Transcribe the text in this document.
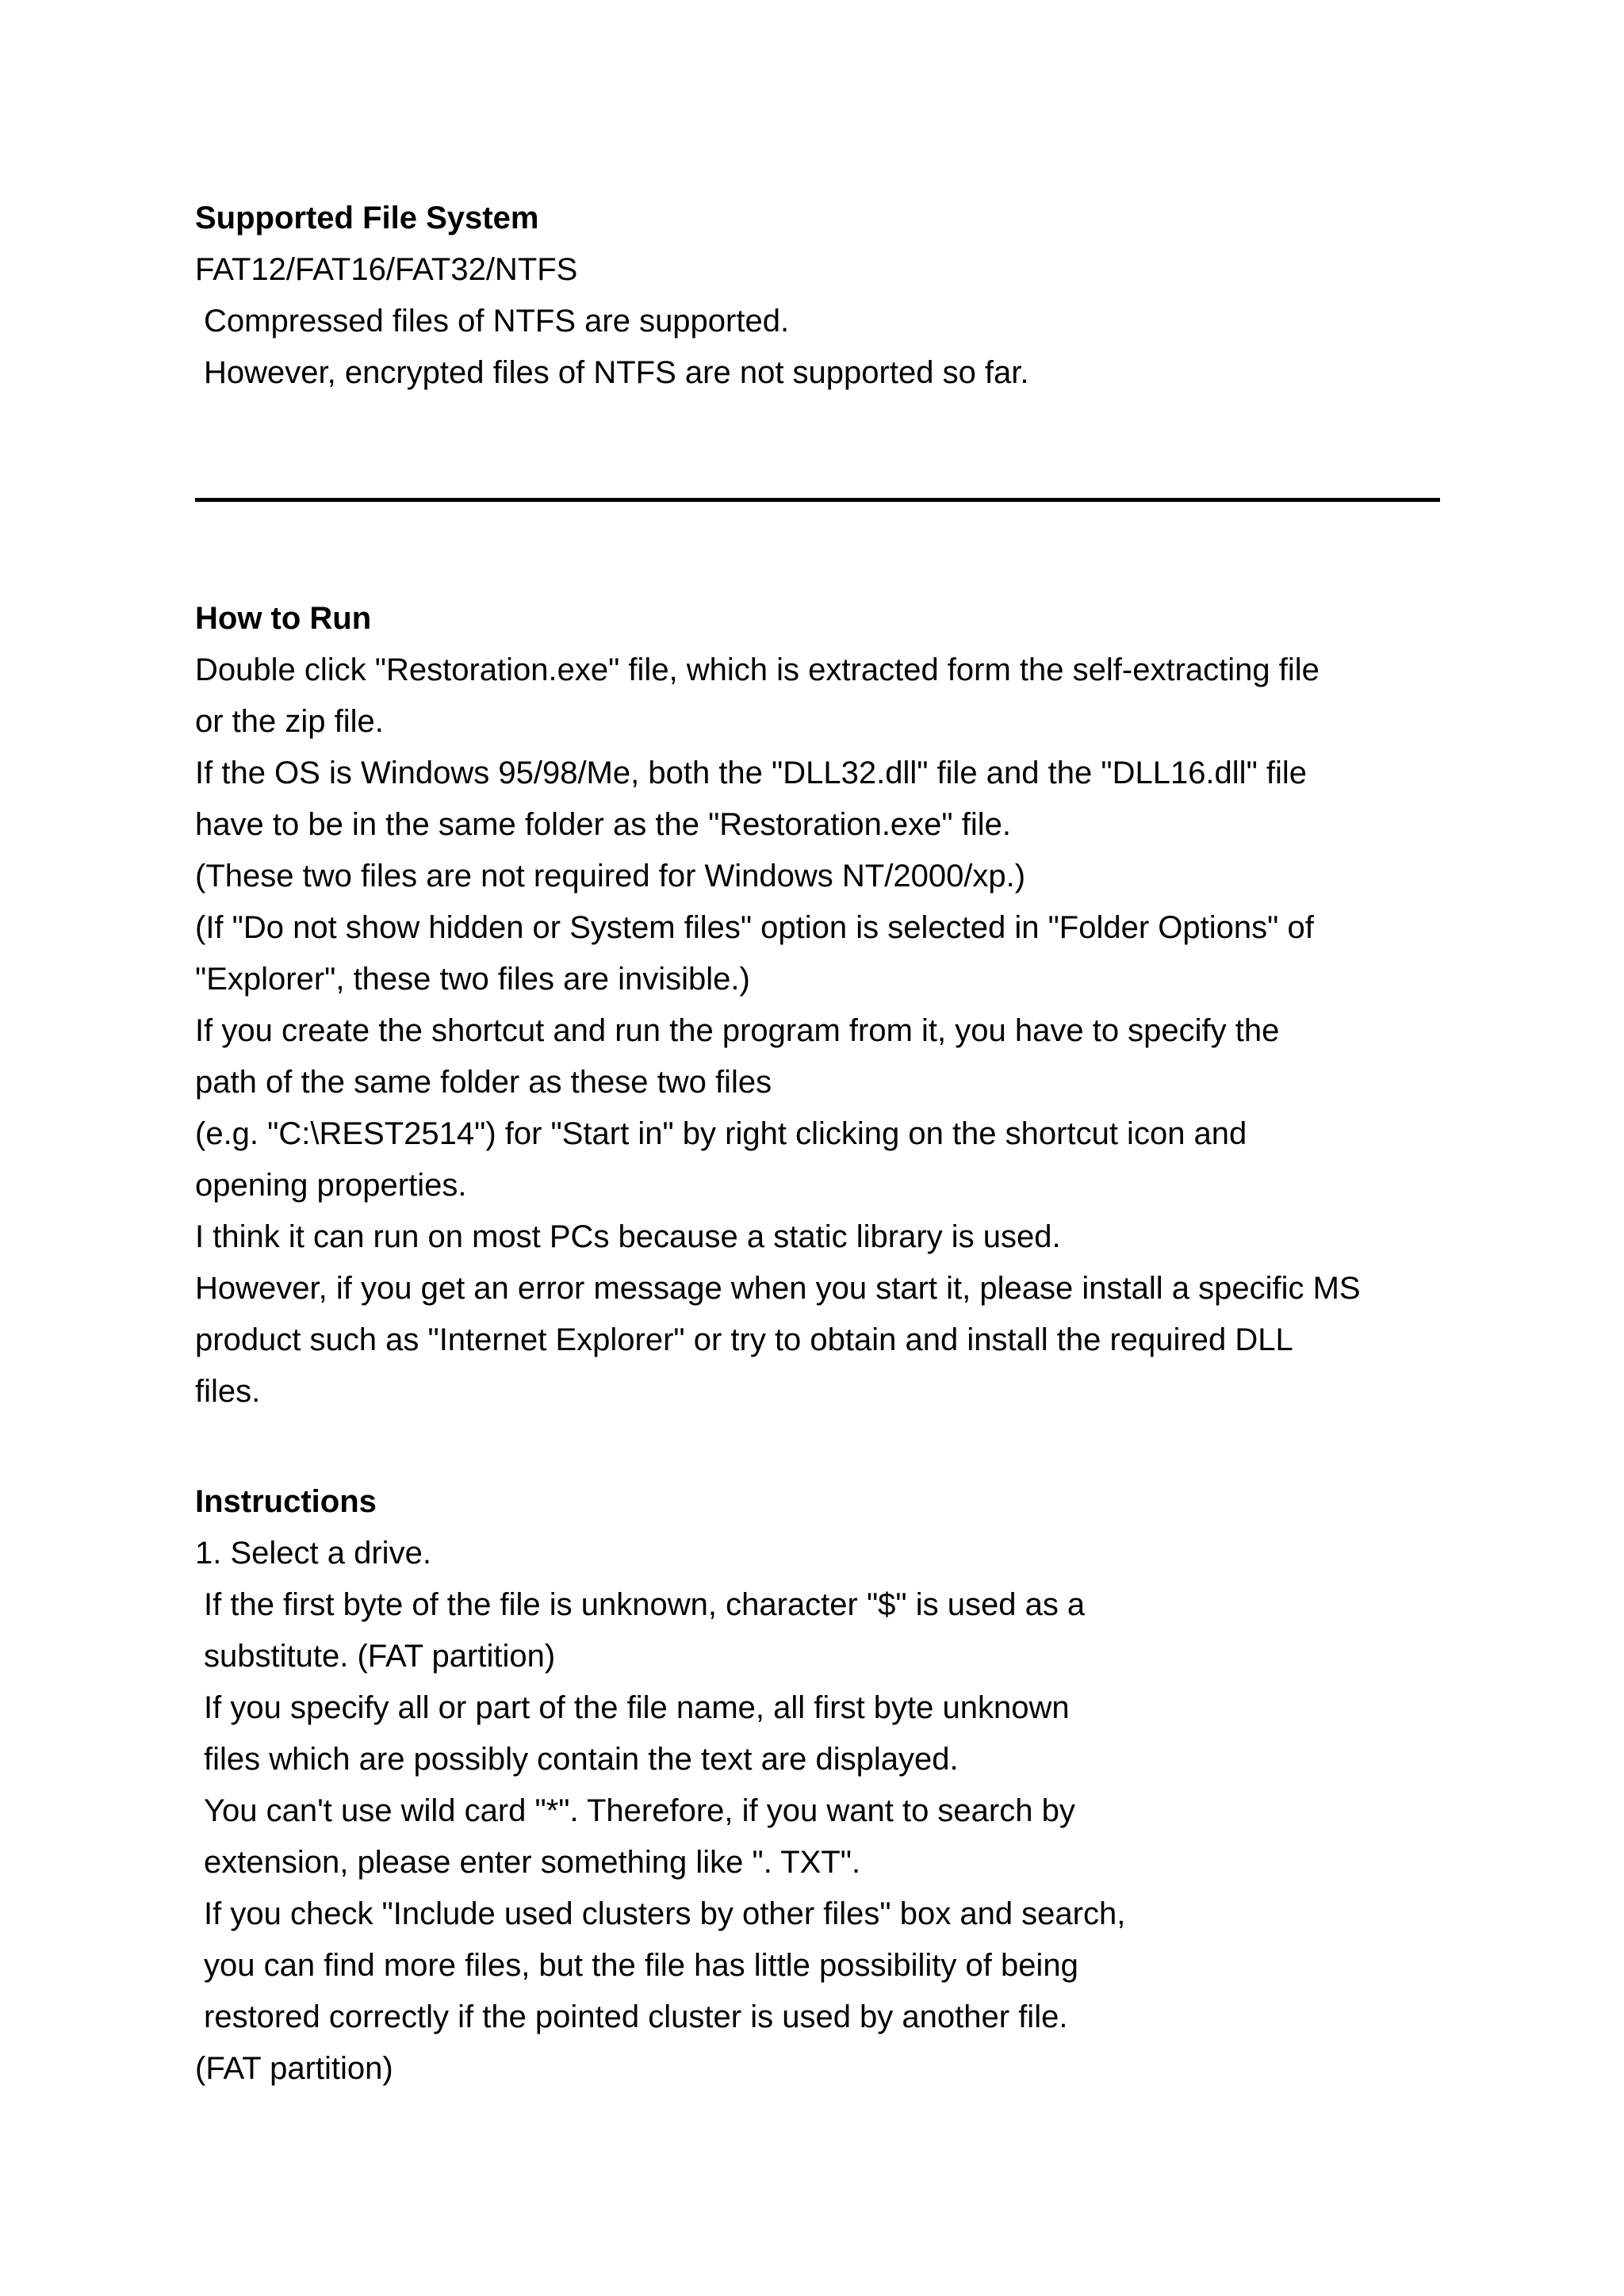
Supported File System
FAT12/FAT16/FAT32/NTFS
Compressed files of NTFS are supported.
However, encrypted files of NTFS are not supported so far.
How to Run
Double click "Restoration.exe" file, which is extracted form the self-extracting file
or the zip file.
If the OS is Windows 95/98/Me, both the "DLL32.dll" file and the "DLL16.dll" file
have to be in the same folder as the "Restoration.exe" file.
(These two files are not required for Windows NT/2000/xp.)
(If "Do not show hidden or System files" option is selected in "Folder Options" of
"Explorer", these two files are invisible.)
If you create the shortcut and run the program from it, you have to specify the
path of the same folder as these two files
(e.g. "C:\REST2514") for "Start in" by right clicking on the shortcut icon and
opening properties.
I think it can run on most PCs because a static library is used.
However, if you get an error message when you start it, please install a specific MS
product such as "Internet Explorer" or try to obtain and install the required DLL
files.
Instructions
1. Select a drive.
If the first byte of the file is unknown, character "$" is used as a
substitute. (FAT partition)
If you specify all or part of the file name, all first byte unknown
files which are possibly contain the text are displayed.
You can't use wild card "*". Therefore, if you want to search by
extension, please enter something like ". TXT".
If you check "Include used clusters by other files" box and search,
you can find more files, but the file has little possibility of being
restored correctly if the pointed cluster is used by another file.
(FAT partition)
